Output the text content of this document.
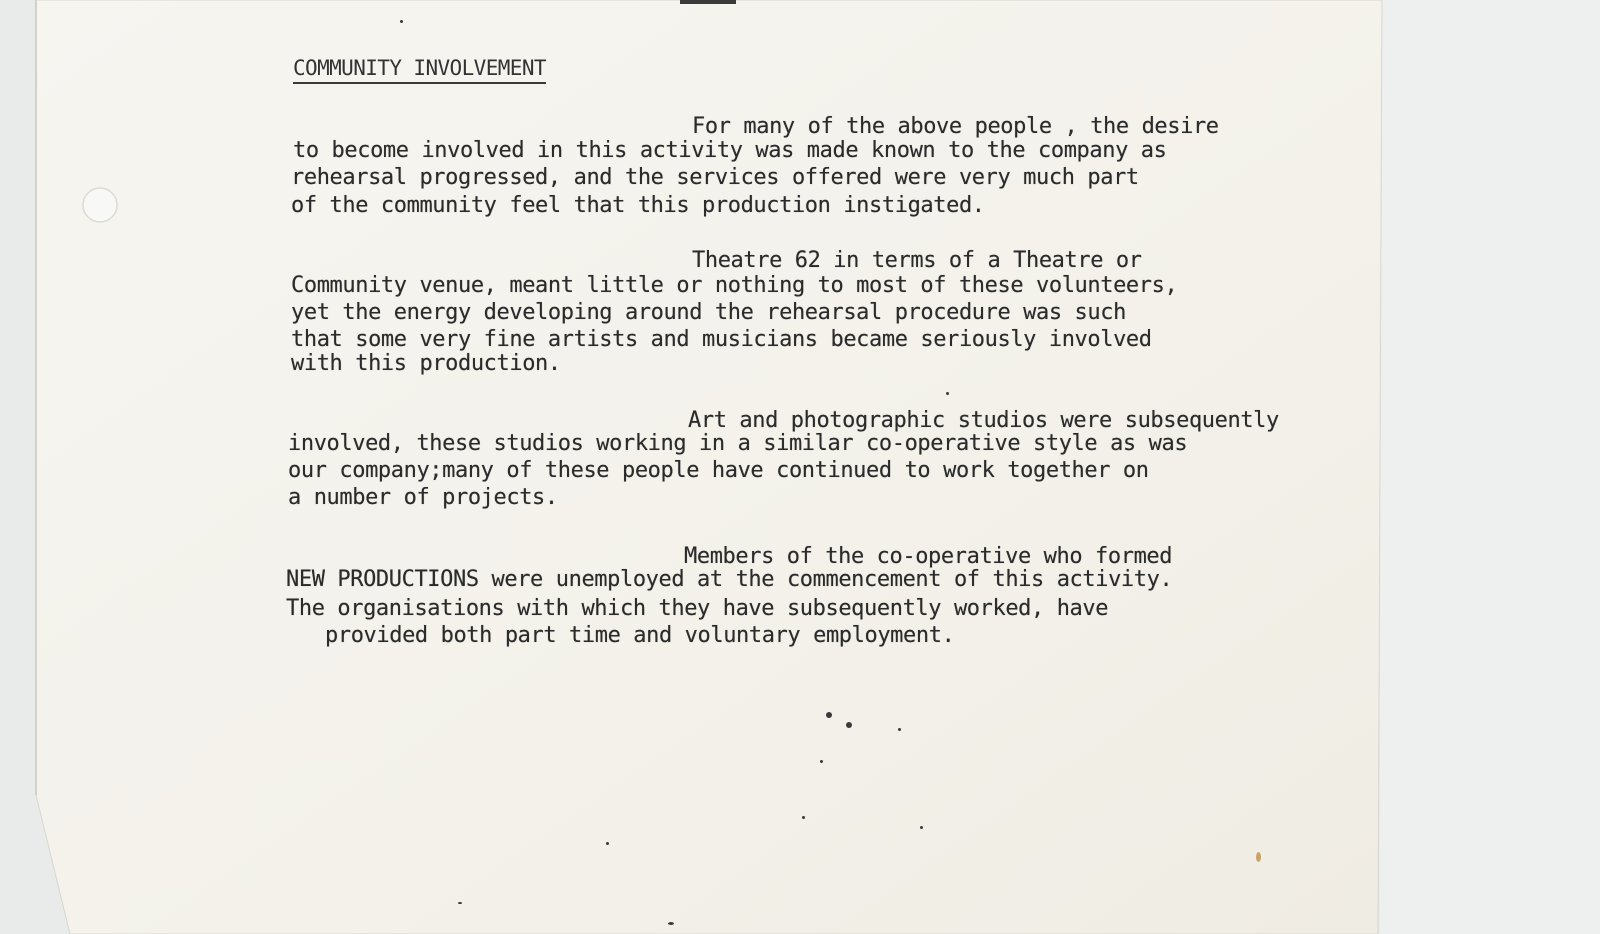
COMMUNITY INVOLVEMENT
For many of the above people , the desire
to become involved in this activity was made known to the company as
rehearsal progressed, and the services offered were very much part
of the community feel that this production instigated.
Theatre 62 in terms of a Theatre or
Community venue, meant little or nothing to most of these volunteers,
yet the energy developing around the rehearsal procedure was such
that some very fine artists and musicians became seriously involved
with this production.
Art and photographic studios were subsequently
involved, these studios working in a similar co-operative style as was
our company;many of these people have continued to work together on
a number of projects.
Members of the co-operative who formed
NEW PRODUCTIONS were unemployed at the commencement of this activity.
The organisations with which they have subsequently worked, have
provided both part time and voluntary employment.
